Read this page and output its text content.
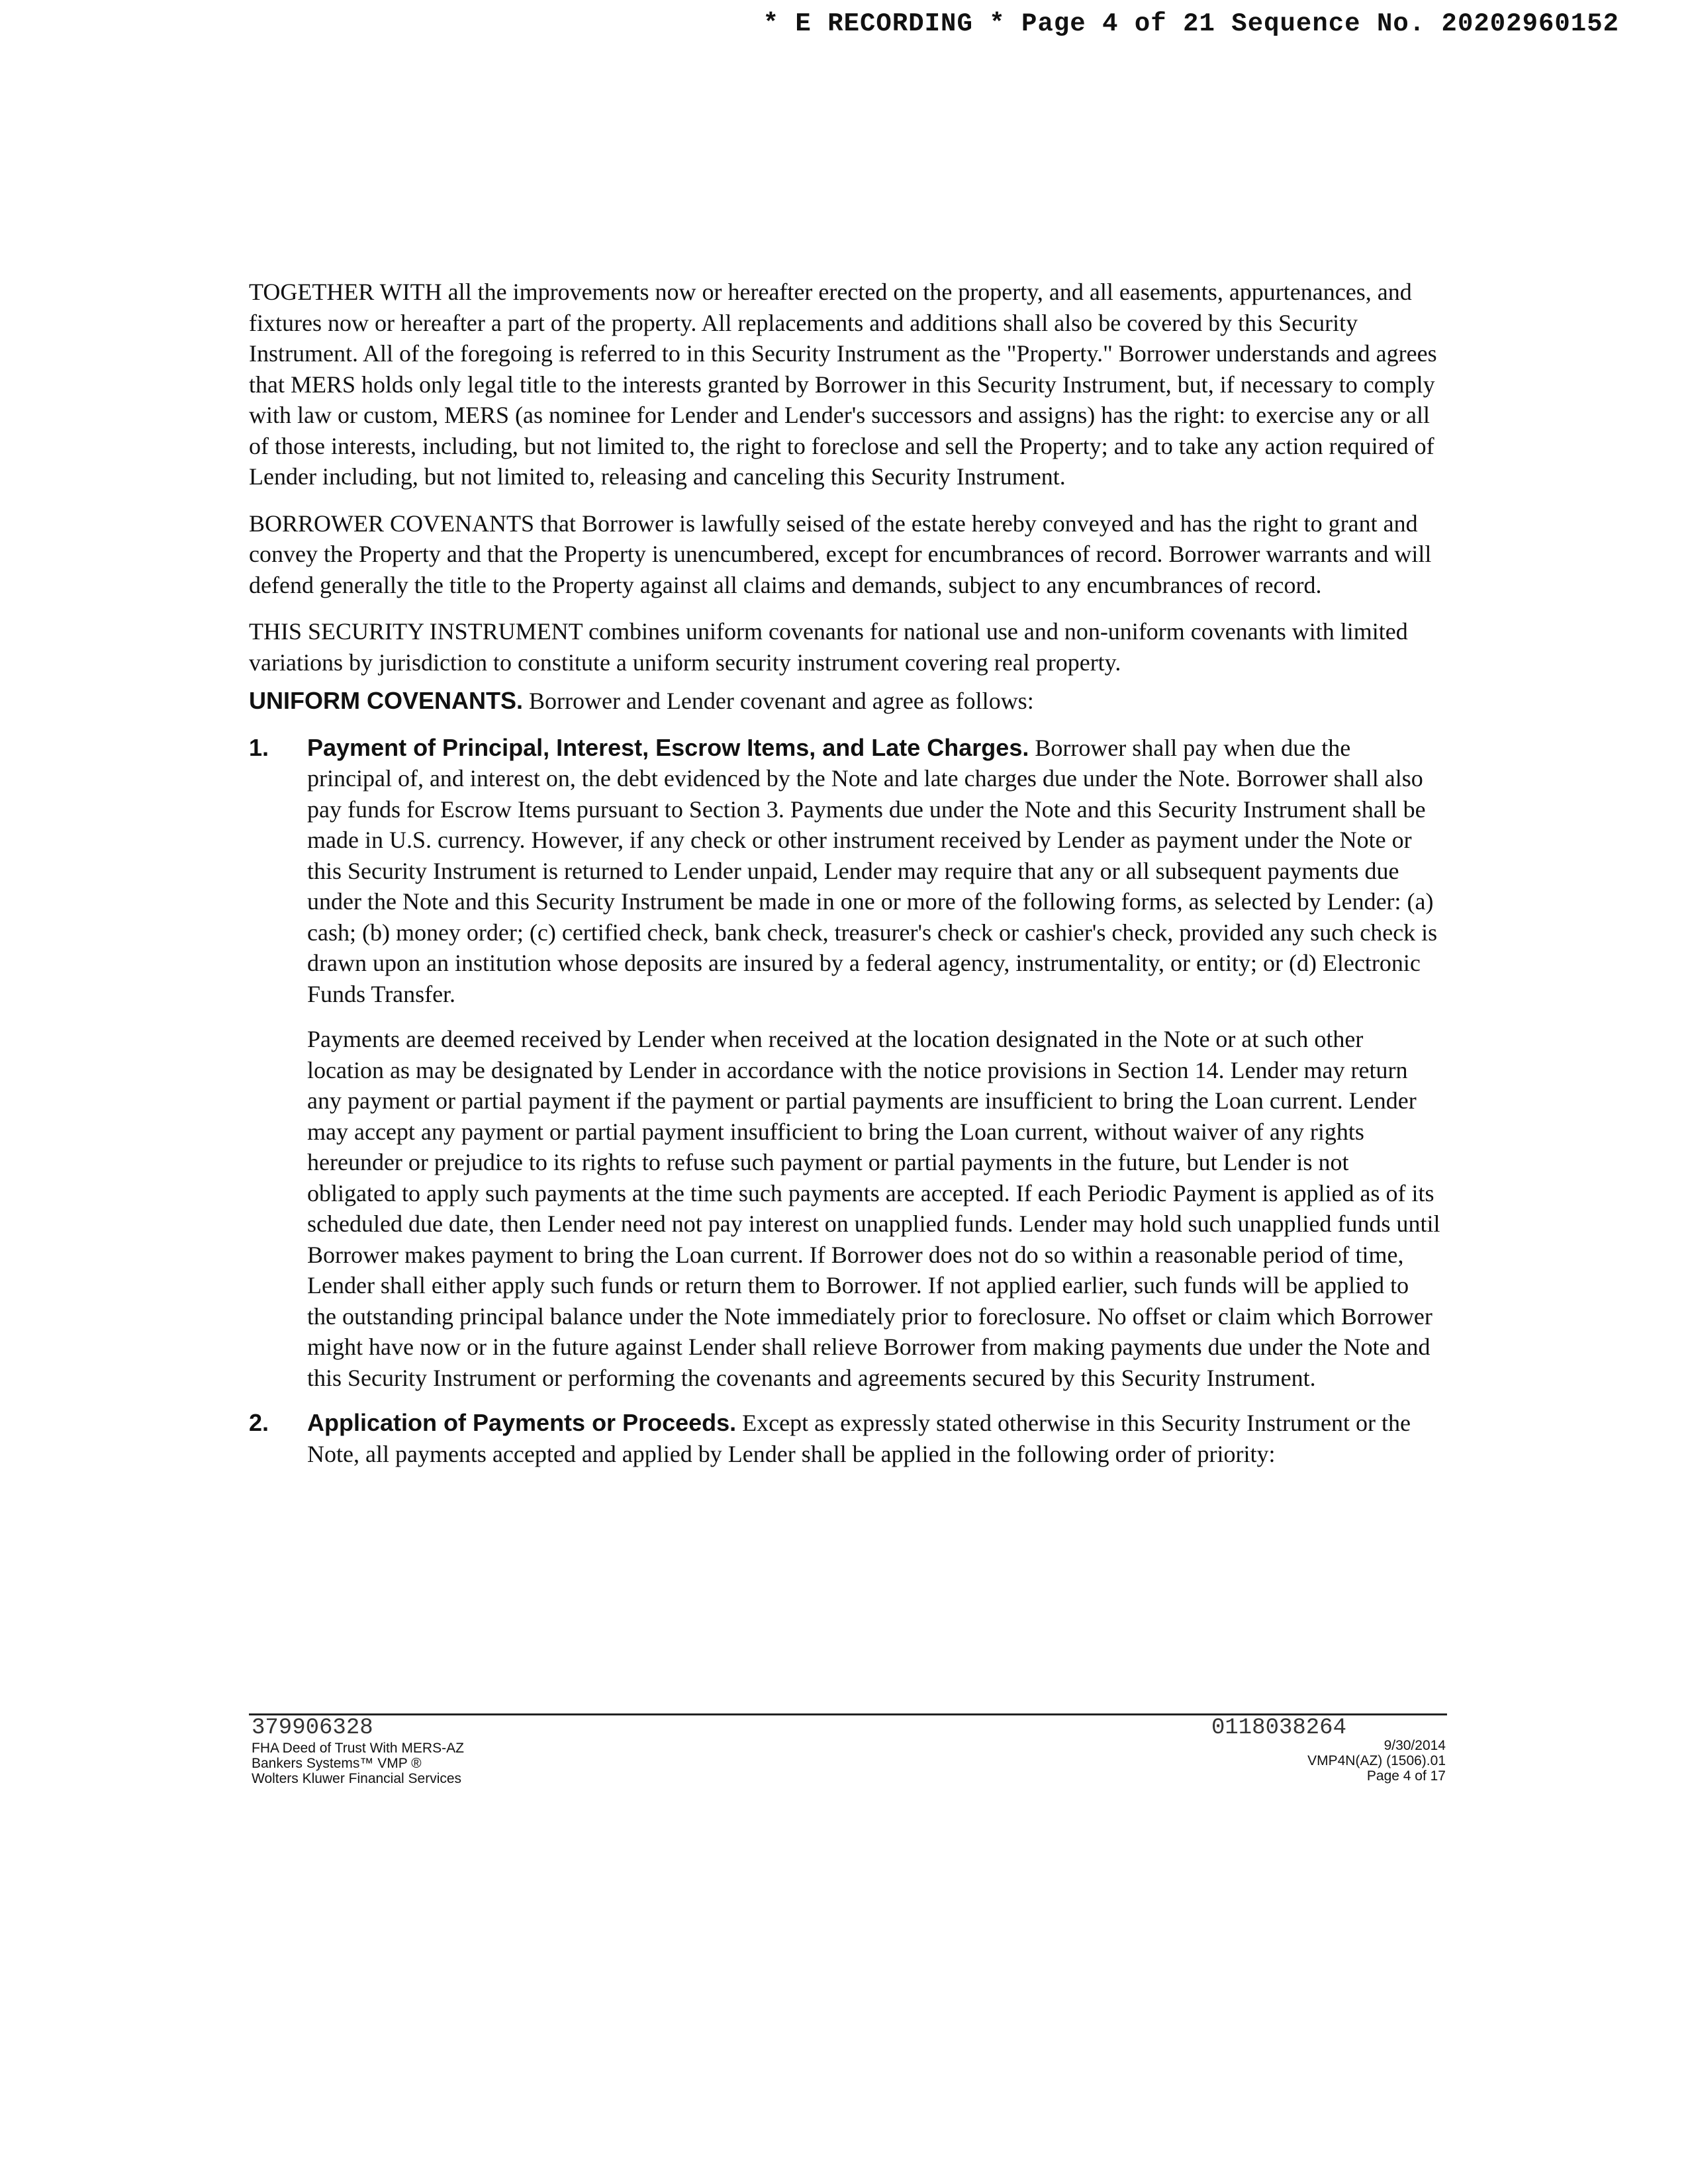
* E RECORDING * Page 4 of 21 Sequence No. 20202960152

TOGETHER WITH all the improvements now or hereafter erected on the property, and all easements, appurtenances, and fixtures now or hereafter a part of the property. All replacements and additions shall also be covered by this Security Instrument. All of the foregoing is referred to in this Security Instrument as the "Property." Borrower understands and agrees that MERS holds only legal title to the interests granted by Borrower in this Security Instrument, but, if necessary to comply with law or custom, MERS (as nominee for Lender and Lender's successors and assigns) has the right: to exercise any or all of those interests, including, but not limited to, the right to foreclose and sell the Property; and to take any action required of Lender including, but not limited to, releasing and canceling this Security Instrument.

BORROWER COVENANTS that Borrower is lawfully seised of the estate hereby conveyed and has the right to grant and convey the Property and that the Property is unencumbered, except for encumbrances of record. Borrower warrants and will defend generally the title to the Property against all claims and demands, subject to any encumbrances of record.

THIS SECURITY INSTRUMENT combines uniform covenants for national use and non-uniform covenants with limited variations by jurisdiction to constitute a uniform security instrument covering real property.

UNIFORM COVENANTS. Borrower and Lender covenant and agree as follows:

1. Payment of Principal, Interest, Escrow Items, and Late Charges. Borrower shall pay when due the principal of, and interest on, the debt evidenced by the Note and late charges due under the Note. Borrower shall also pay funds for Escrow Items pursuant to Section 3. Payments due under the Note and this Security Instrument shall be made in U.S. currency. However, if any check or other instrument received by Lender as payment under the Note or this Security Instrument is returned to Lender unpaid, Lender may require that any or all subsequent payments due under the Note and this Security Instrument be made in one or more of the following forms, as selected by Lender: (a) cash; (b) money order; (c) certified check, bank check, treasurer's check or cashier's check, provided any such check is drawn upon an institution whose deposits are insured by a federal agency, instrumentality, or entity; or (d) Electronic Funds Transfer.

Payments are deemed received by Lender when received at the location designated in the Note or at such other location as may be designated by Lender in accordance with the notice provisions in Section 14. Lender may return any payment or partial payment if the payment or partial payments are insufficient to bring the Loan current. Lender may accept any payment or partial payment insufficient to bring the Loan current, without waiver of any rights hereunder or prejudice to its rights to refuse such payment or partial payments in the future, but Lender is not obligated to apply such payments at the time such payments are accepted. If each Periodic Payment is applied as of its scheduled due date, then Lender need not pay interest on unapplied funds. Lender may hold such unapplied funds until Borrower makes payment to bring the Loan current. If Borrower does not do so within a reasonable period of time, Lender shall either apply such funds or return them to Borrower. If not applied earlier, such funds will be applied to the outstanding principal balance under the Note immediately prior to foreclosure. No offset or claim which Borrower might have now or in the future against Lender shall relieve Borrower from making payments due under the Note and this Security Instrument or performing the covenants and agreements secured by this Security Instrument.

2. Application of Payments or Proceeds. Except as expressly stated otherwise in this Security Instrument or the Note, all payments accepted and applied by Lender shall be applied in the following order of priority:

379906328
FHA Deed of Trust With MERS-AZ
Bankers Systems™ VMP ®
Wolters Kluwer Financial Services
0118038264
9/30/2014
VMP4N(AZ) (1506).01
Page 4 of 17
